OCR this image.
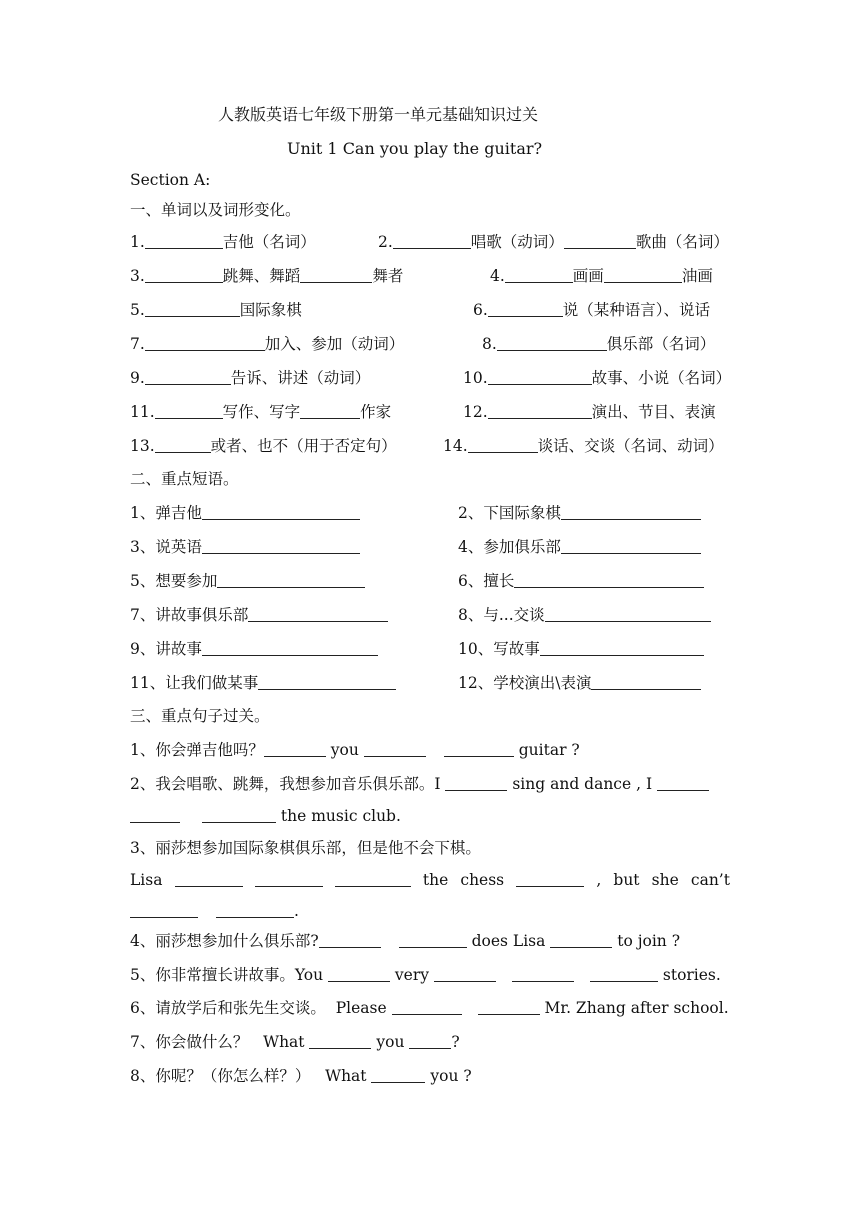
人教版英语七年级下册第一单元基础知识过关
Unit 1 Can you play the guitar?
Section A:
一、单词以及词形变化。
1.	吉他（名词）	2.	唱歌（动词）	歌曲（名词）
3.	跳舞、舞蹈	舞者	4.	画画	油画
5.	国际象棋	6.	说（某种语言）、说话
7.	加入、参加（动词）	8.	俱乐部（名词）
9.	告诉、讲述（动词）	10.	故事、小说（名词）
11.	写作、写字	作家	12.	演出、节目、表演
13.	或者、也不（用于否定句）	14.	谈话、交谈（名词、动词）
二、重点短语。
1、弹吉他	2、下国际象棋
3、说英语	4、参加俱乐部
5、想要参加	6、擅长
7、讲故事俱乐部	8、与...交谈
9、讲故事	10、写故事
11、让我们做某事	12、学校演出\表演
三、重点句子过关。
1、你会弹吉他吗？	you	guitar ?
2、我会唱歌、跳舞，我想参加音乐俱乐部。I	sing and dance , I
the music club.
3、丽莎想参加国际象棋俱乐部，但是他不会下棋。
Lisa	the chess	, but she can’t
.
4、丽莎想参加什么俱乐部?	does Lisa	to join ?
5、你非常擅长讲故事。You	very	stories.
6、请放学后和张先生交谈。  Please	Mr. Zhang after school.
7、你会做什么？   What	you	?
8、你呢？（你怎么样？）   What	you ?
